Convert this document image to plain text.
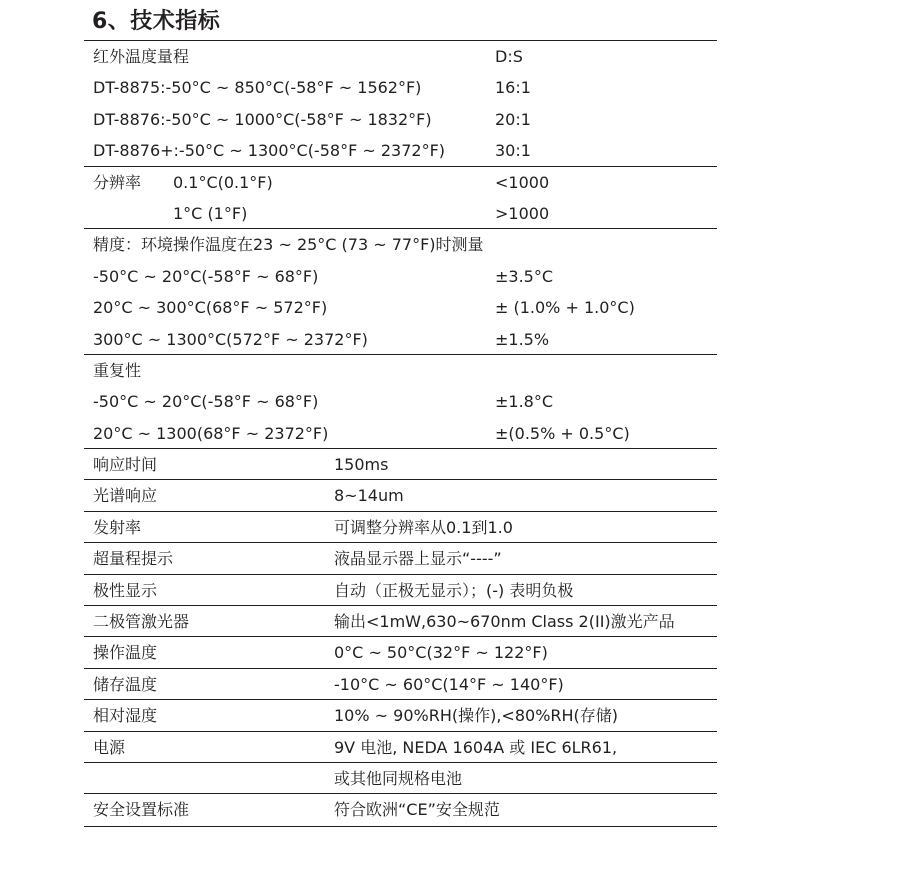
6、技术指标
红外温度量程	D:S
DT-8875:-50°C ~ 850°C(-58°F ~ 1562°F)	16:1
DT-8876:-50°C ~ 1000°C(-58°F ~ 1832°F)	20:1
DT-8876+:-50°C ~ 1300°C(-58°F ~ 2372°F)	30:1
分辨率 0.1°C(0.1°F)	<1000
1°C (1°F)	>1000
精度：环境操作温度在23 ~ 25°C (73 ~ 77°F)时测量
-50°C ~ 20°C(-58°F ~ 68°F)	±3.5°C
20°C ~ 300°C(68°F ~ 572°F)	± (1.0% + 1.0°C)
300°C ~ 1300°C(572°F ~ 2372°F)	±1.5%
重复性
-50°C ~ 20°C(-58°F ~ 68°F)	±1.8°C
20°C ~ 1300(68°F ~ 2372°F)	±(0.5% + 0.5°C)
响应时间	150ms
光谱响应	8~14um
发射率	可调整分辨率从0.1到1.0
超量程提示	液晶显示器上显示“----”
极性显示	自动（正极无显示）；(-) 表明负极
二极管激光器	输出<1mW,630~670nm Class 2(II)激光产品
操作温度	0°C ~ 50°C(32°F ~ 122°F)
储存温度	-10°C ~ 60°C(14°F ~ 140°F)
相对湿度	10% ~ 90%RH(操作),<80%RH(存储)
电源	9V 电池, NEDA 1604A 或 IEC 6LR61,
或其他同规格电池
安全设置标准	符合欧洲“CE”安全规范
